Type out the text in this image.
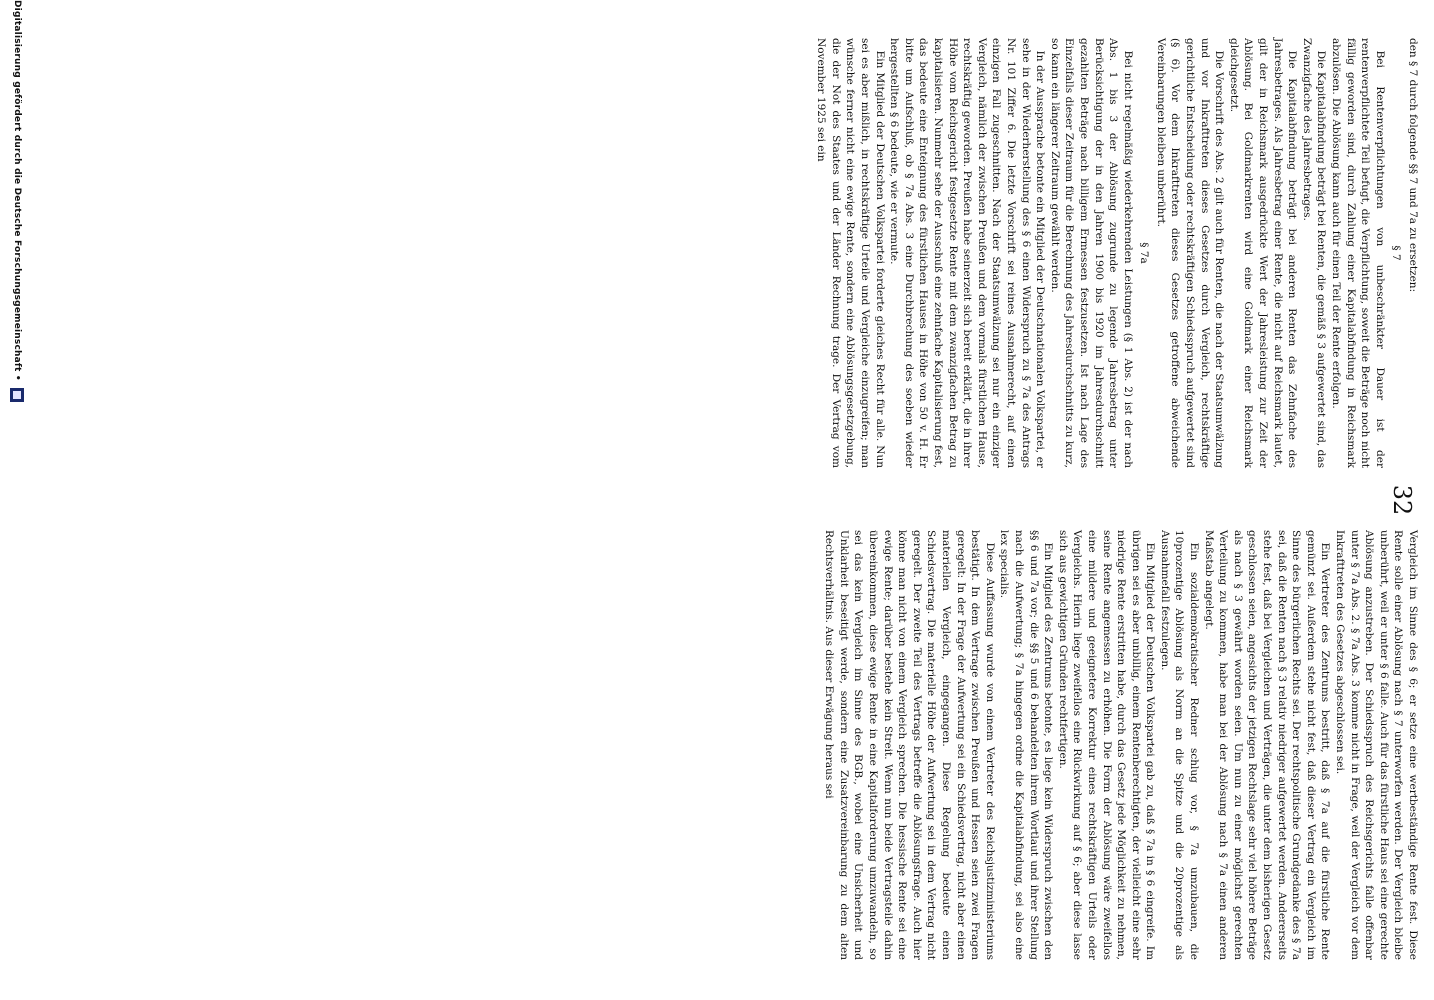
32

den § 7 durch folgende §§ 7 und 7a zu ersetzen:

§ 7

Bei Rentenverpflichtungen von unbeschränkter Dauer ist der rentenverpflichtete Teil befugt, die Verpflichtung, soweit die Beträge noch nicht fällig geworden sind, durch Zahlung einer Kapitalabfindung in Reichsmark abzulösen. Die Ablösung kann auch für einen Teil der Rente erfolgen.

Die Kapitalabfindung beträgt bei Renten, die gemäß § 3 aufgewertet sind, das Zwanzigfache des Jahresbetrages.

Die Kapitalabfindung beträgt bei anderen Renten das Zehnfache des Jahresbetrages. Als Jahresbetrag einer Rente, die nicht auf Reichsmark lautet, gilt der in Reichsmark ausgedrückte Wert der Jahresleistung zur Zeit der Ablösung. Bei Goldmarkrenten wird eine Goldmark einer Reichsmark gleichgesetzt.

Die Vorschrift des Abs. 2 gilt auch für Renten, die nach der Staatsumwälzung und vor Inkrafttreten dieses Gesetzes durch Vergleich, rechtskräftige gerichtliche Entscheidung oder rechtskräftigen Schiedsspruch aufgewertet sind (§ 6). Vor dem Inkrafttreten dieses Gesetzes getroffene abweichende Vereinbarungen bleiben unberührt.

§ 7a

Bei nicht regelmäßig wiederkehrenden Leistungen (§ 1 Abs. 2) ist der nach Abs. 1 bis 3 der Ablösung zugrunde zu legende Jahresbetrag unter Berücksichtigung der in den Jahren 1900 bis 1920 im Jahresdurchschnitt gezahlten Beträge nach billigem Ermessen festzusetzen. Ist nach Lage des Einzelfalls dieser Zeitraum für die Berechnung des Jahresdurchschnitts zu kurz, so kann ein längerer Zeitraum gewählt werden.

In der Aussprache betonte ein Mitglied der Deutschnationalen Volkspartei, er sehe in der Wiederherstellung des § 6 einen Widerspruch zu § 7a des Antrags Nr. 101 Ziffer 6. Die letzte Vorschrift sei reines Ausnahmerecht, auf einen einzigen Fall zugeschnitten. Nach der Staatsumwälzung sei nur ein einziger Vergleich, nämlich der zwischen Preußen und dem vormals fürstlichen Hause, rechtskräftig geworden. Preußen habe seinerzeit sich bereit erklärt, die in ihrer Höhe vom Reichsgericht festgesetzte Rente mit dem zwanzigfachen Betrag zu kapitalisieren. Nunmehr sehe der Ausschuß eine zehnfache Kapitalisierung fest, das bedeute eine Enteignung des fürstlichen Hauses in Höhe von 50 v. H. Er bitte um Aufschluß, ob § 7a Abs. 3 eine Durchbrechung des soeben wieder hergestellten § 6 bedeute, wie er vermute.

Ein Mitglied der Deutschen Volkspartei forderte gleiches Recht für alle. Nun sei es aber mißlich, in rechtskräftige Urteile und Vergleiche einzugreifen; man wünsche ferner nicht eine ewige Rente, sondern eine Ablösungsgesetzgebung, die der Not des Staates und der Länder Rechnung trage. Der Vertrag vom November 1925 sei ein

Vergleich im Sinne des § 6; er setze eine wertbeständige Rente fest. Diese Rente solle einer Ablösung nach § 7 unterworfen werden. Der Vergleich bleibe unberührt, weil er unter § 6 falle. Auch für das fürstliche Haus sei eine gerechte Ablösung anzustreben. Der Schiedsspruch des Reichsgerichts falle offenbar unter § 7a Abs. 2. § 7a Abs. 3 komme nicht in Frage, weil der Vergleich vor dem Inkrafttreten des Gesetzes abgeschlossen sei.

Ein Vertreter des Zentrums bestritt, daß § 7a auf die fürstliche Rente gemünzt sei. Außerdem stehe nicht fest, daß dieser Vertrag ein Vergleich im Sinne des bürgerlichen Rechts sei. Der rechtspolitische Grundgedanke des § 7a sei, daß die Renten nach § 3 relativ niedriger aufgewertet werden. Andererseits stehe fest, daß bei Vergleichen und Verträgen, die unter dem bisherigen Gesetz geschlossen seien, angesichts der jetzigen Rechtslage sehr viel höhere Beträge als nach § 3 gewährt worden seien. Um nun zu einer möglichst gerechten Verteilung zu kommen, habe man bei der Ablösung nach § 7a einen anderen Maßstab angelegt.

Ein sozialdemokratischer Redner schlug vor, § 7a umzubauen, die 10prozentige Ablösung als Norm an die Spitze und die 20prozentige als Ausnahmefall festzulegen.

Ein Mitglied der Deutschen Volkspartei gab zu, daß § 7a in § 6 eingreife. Im übrigen sei es aber unbillig, einem Rentenberechtigten, der vielleicht eine sehr niedrige Rente erstritten habe, durch das Gesetz jede Möglichkeit zu nehmen, seine Rente angemessen zu erhöhen. Die Form der Ablösung wäre zweifellos eine mildere und geeignetere Korrektur eines rechtskräftigen Urteils oder Vergleichs. Hierin liege zweifellos eine Rückwirkung auf § 6; aber diese lasse sich aus gewichtigen Gründen rechtfertigen.

Ein Mitglied des Zentrums betonte, es liege kein Widerspruch zwischen den §§ 6 und 7a vor; die §§ 5 und 6 behandelten ihrem Wortlaut und ihrer Stellung nach die Aufwertung; § 7a hingegen ordne die Kapitalabfindung, sei also eine lex specialis.

Diese Auffassung wurde von einem Vertreter des Reichsjustizministeriums bestätigt. In dem Vertrage zwischen Preußen und Hessen seien zwei Fragen geregelt: In der Frage der Aufwertung sei ein Schiedsvertrag, nicht aber einen materiellen Vergleich, eingegangen. Diese Regelung bedeute einen Schiedsvertrag. Die materielle Höhe der Aufwertung sei in dem Vertrag nicht geregelt. Der zweite Teil des Vertrags betreffe die Ablösungsfrage. Auch hier könne man nicht von einem Vergleich sprechen. Die hessische Rente sei eine ewige Rente; darüber bestehe kein Streit. Wenn nun beide Vertragsteile dahin übereinkommen, diese ewige Rente in eine Kapitalforderung umzuwandeln, so sei das kein Vergleich im Sinne des BGB., wobei eine Unsicherheit und Unklarheit beseitigt werde, sondern eine Zusatzvereinbarung zu dem alten Rechtsverhältnis. Aus dieser Erwägung heraus sei

Digitalisierung gefördert durch die Deutsche Forschungsgemeinschaft •
